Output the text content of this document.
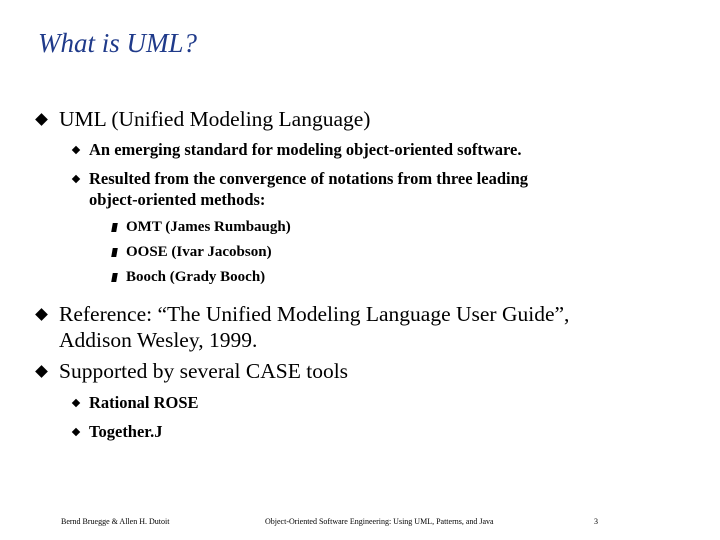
What is UML?
UML (Unified Modeling Language)
An emerging standard for modeling object-oriented software.
Resulted from the convergence of notations from three leading
object-oriented methods:
OMT (James Rumbaugh)
OOSE (Ivar Jacobson)
Booch (Grady Booch)
Reference: “The Unified Modeling Language User Guide”,
Addison Wesley, 1999.
Supported by several CASE tools
Rational ROSE
Together.J
Bernd Bruegge & Allen H. Dutoit	Object-Oriented Software Engineering: Using UML, Patterns, and Java	3
